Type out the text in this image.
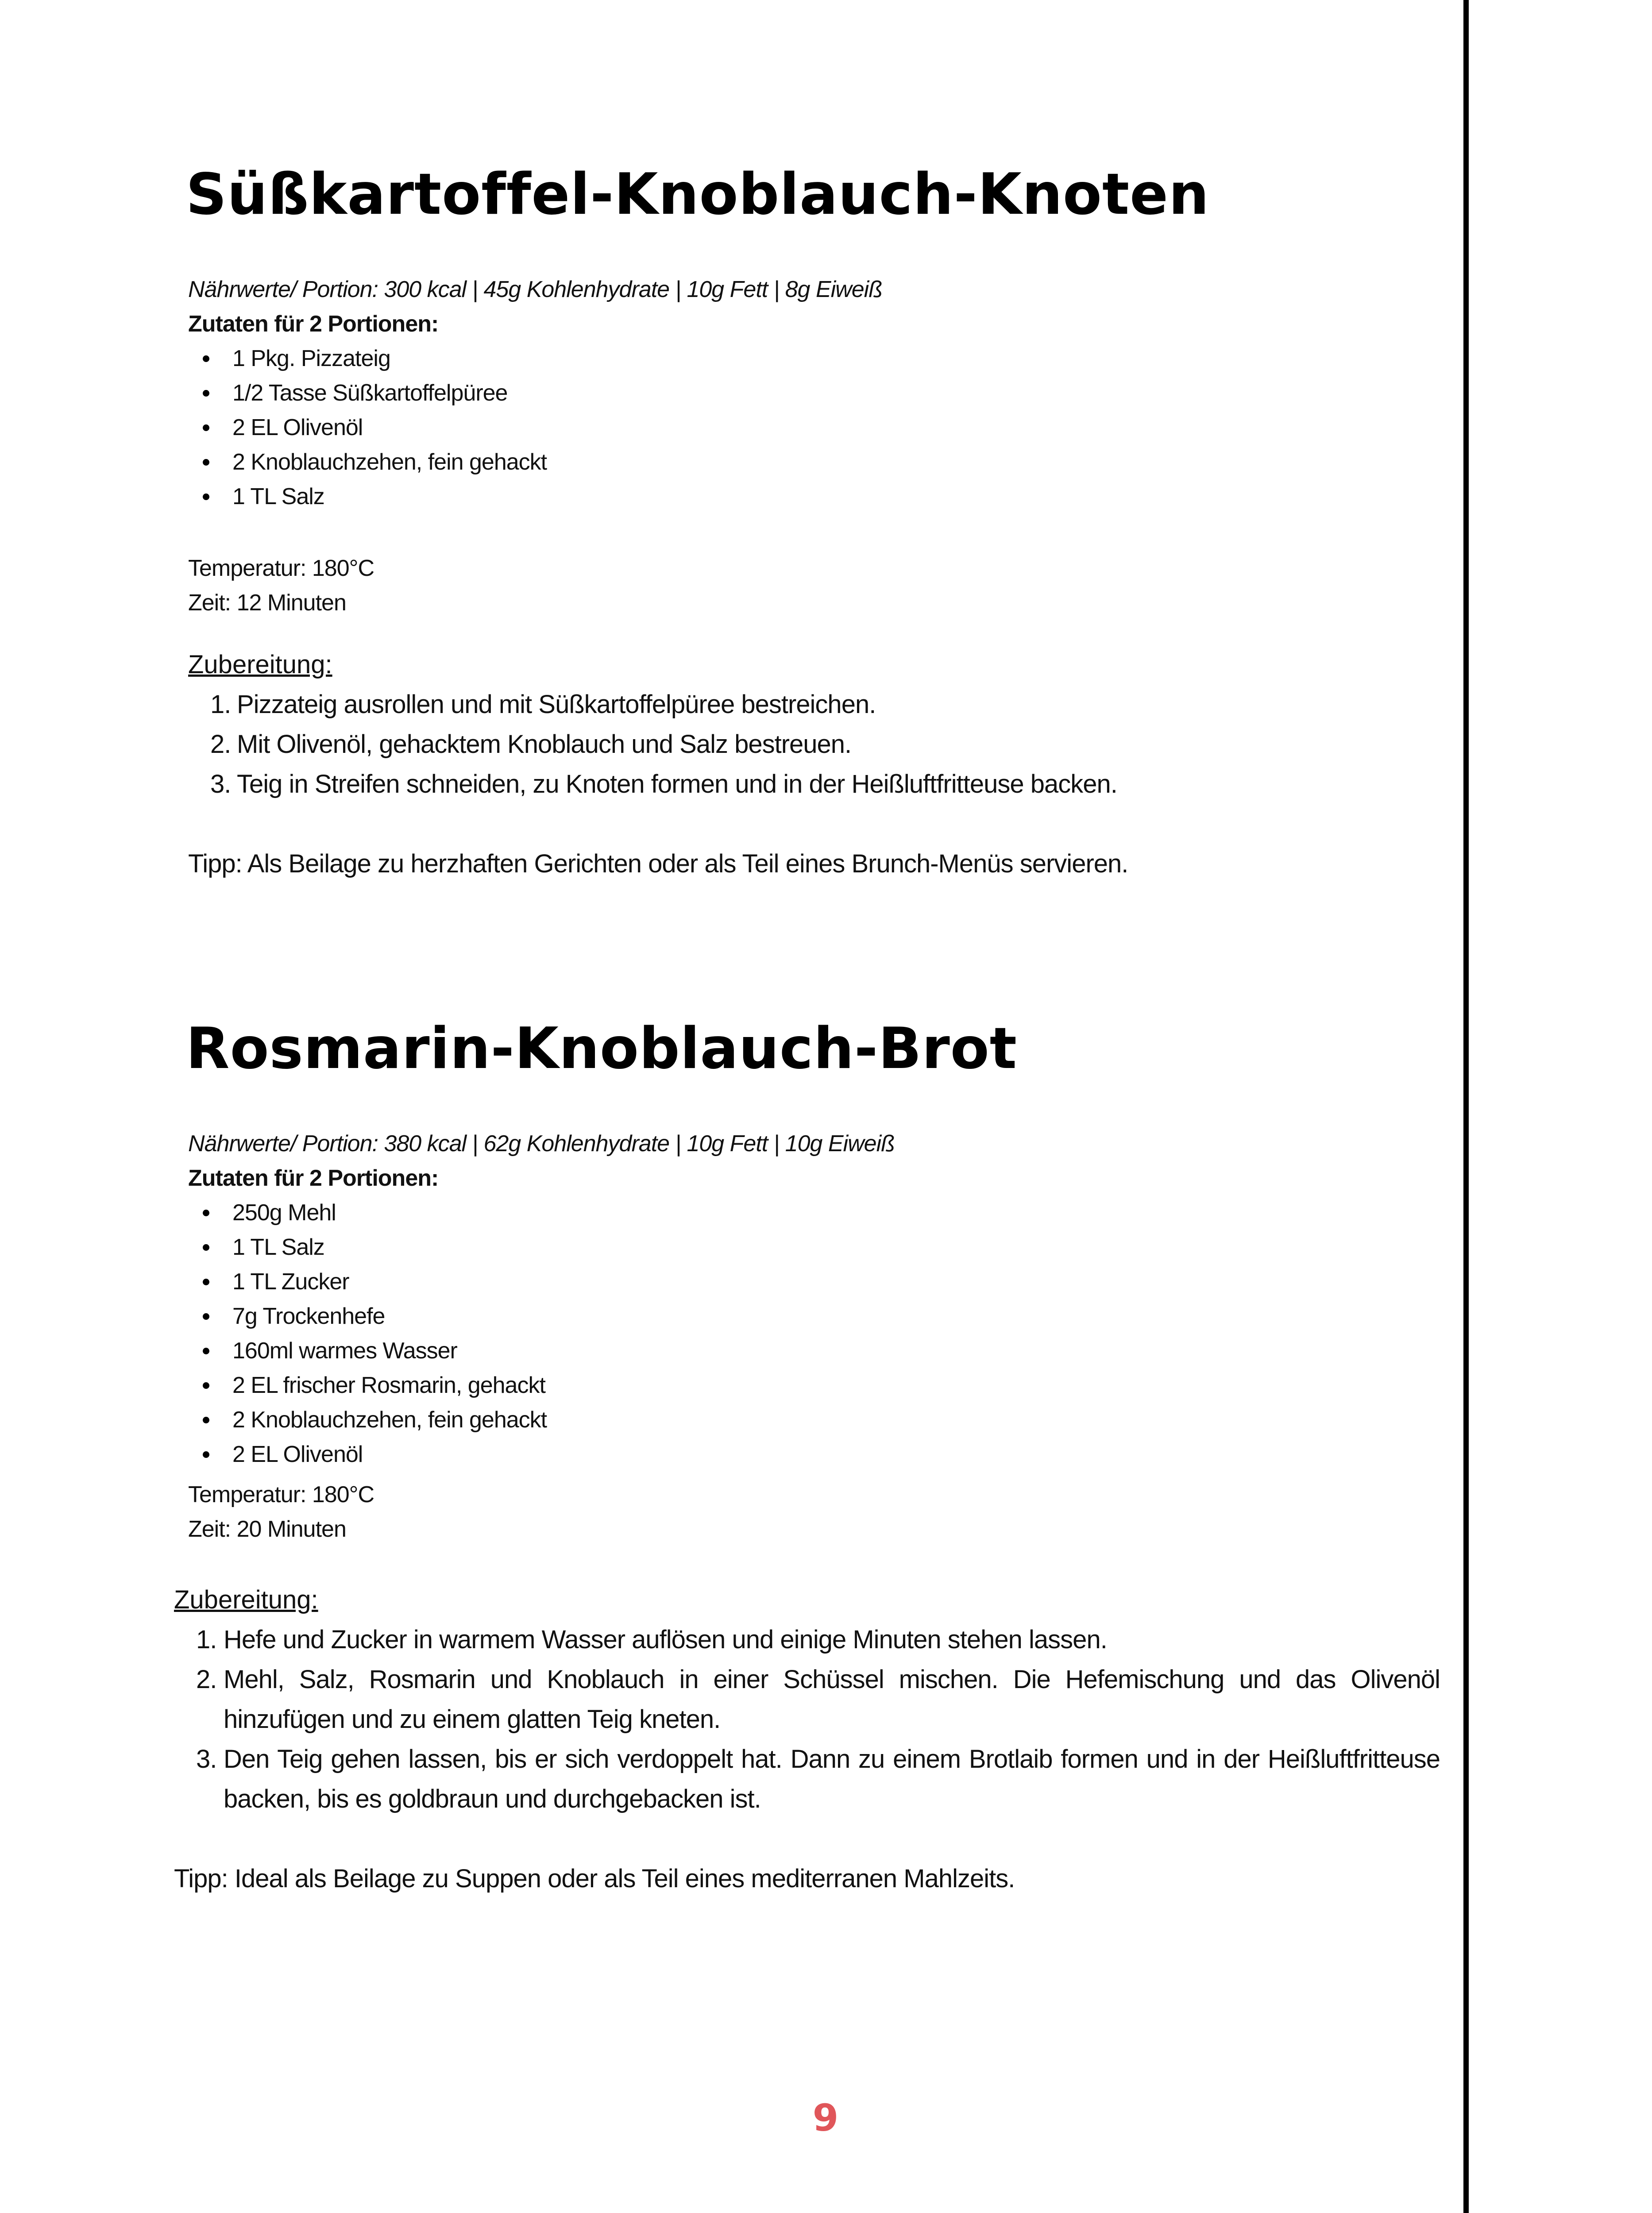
Süßkartoffel-Knoblauch-Knoten
Nährwerte/ Portion: 300 kcal | 45g Kohlenhydrate | 10g Fett | 8g Eiweiß
Zutaten für 2 Portionen:
1 Pkg. Pizzateig
1/2 Tasse Süßkartoffelpüree
2 EL Olivenöl
2 Knoblauchzehen, fein gehackt
1 TL Salz
Temperatur: 180°C
Zeit: 12 Minuten
Zubereitung:
1. Pizzateig ausrollen und mit Süßkartoffelpüree bestreichen.
2. Mit Olivenöl, gehacktem Knoblauch und Salz bestreuen.
3. Teig in Streifen schneiden, zu Knoten formen und in der Heißluftfritteuse backen.
Tipp: Als Beilage zu herzhaften Gerichten oder als Teil eines Brunch-Menüs servieren.
Rosmarin-Knoblauch-Brot
Nährwerte/ Portion: 380 kcal | 62g Kohlenhydrate | 10g Fett | 10g Eiweiß
Zutaten für 2 Portionen:
250g Mehl
1 TL Salz
1 TL Zucker
7g Trockenhefe
160ml warmes Wasser
2 EL frischer Rosmarin, gehackt
2 Knoblauchzehen, fein gehackt
2 EL Olivenöl
Temperatur: 180°C
Zeit: 20 Minuten
Zubereitung:
1. Hefe und Zucker in warmem Wasser auflösen und einige Minuten stehen lassen.
2. Mehl, Salz, Rosmarin und Knoblauch in einer Schüssel mischen. Die Hefemischung und das Olivenöl hinzufügen und zu einem glatten Teig kneten.
3. Den Teig gehen lassen, bis er sich verdoppelt hat. Dann zu einem Brotlaib formen und in der Heißluftfritteuse backen, bis es goldbraun und durchgebacken ist.
Tipp: Ideal als Beilage zu Suppen oder als Teil eines mediterranen Mahlzeits.
9
